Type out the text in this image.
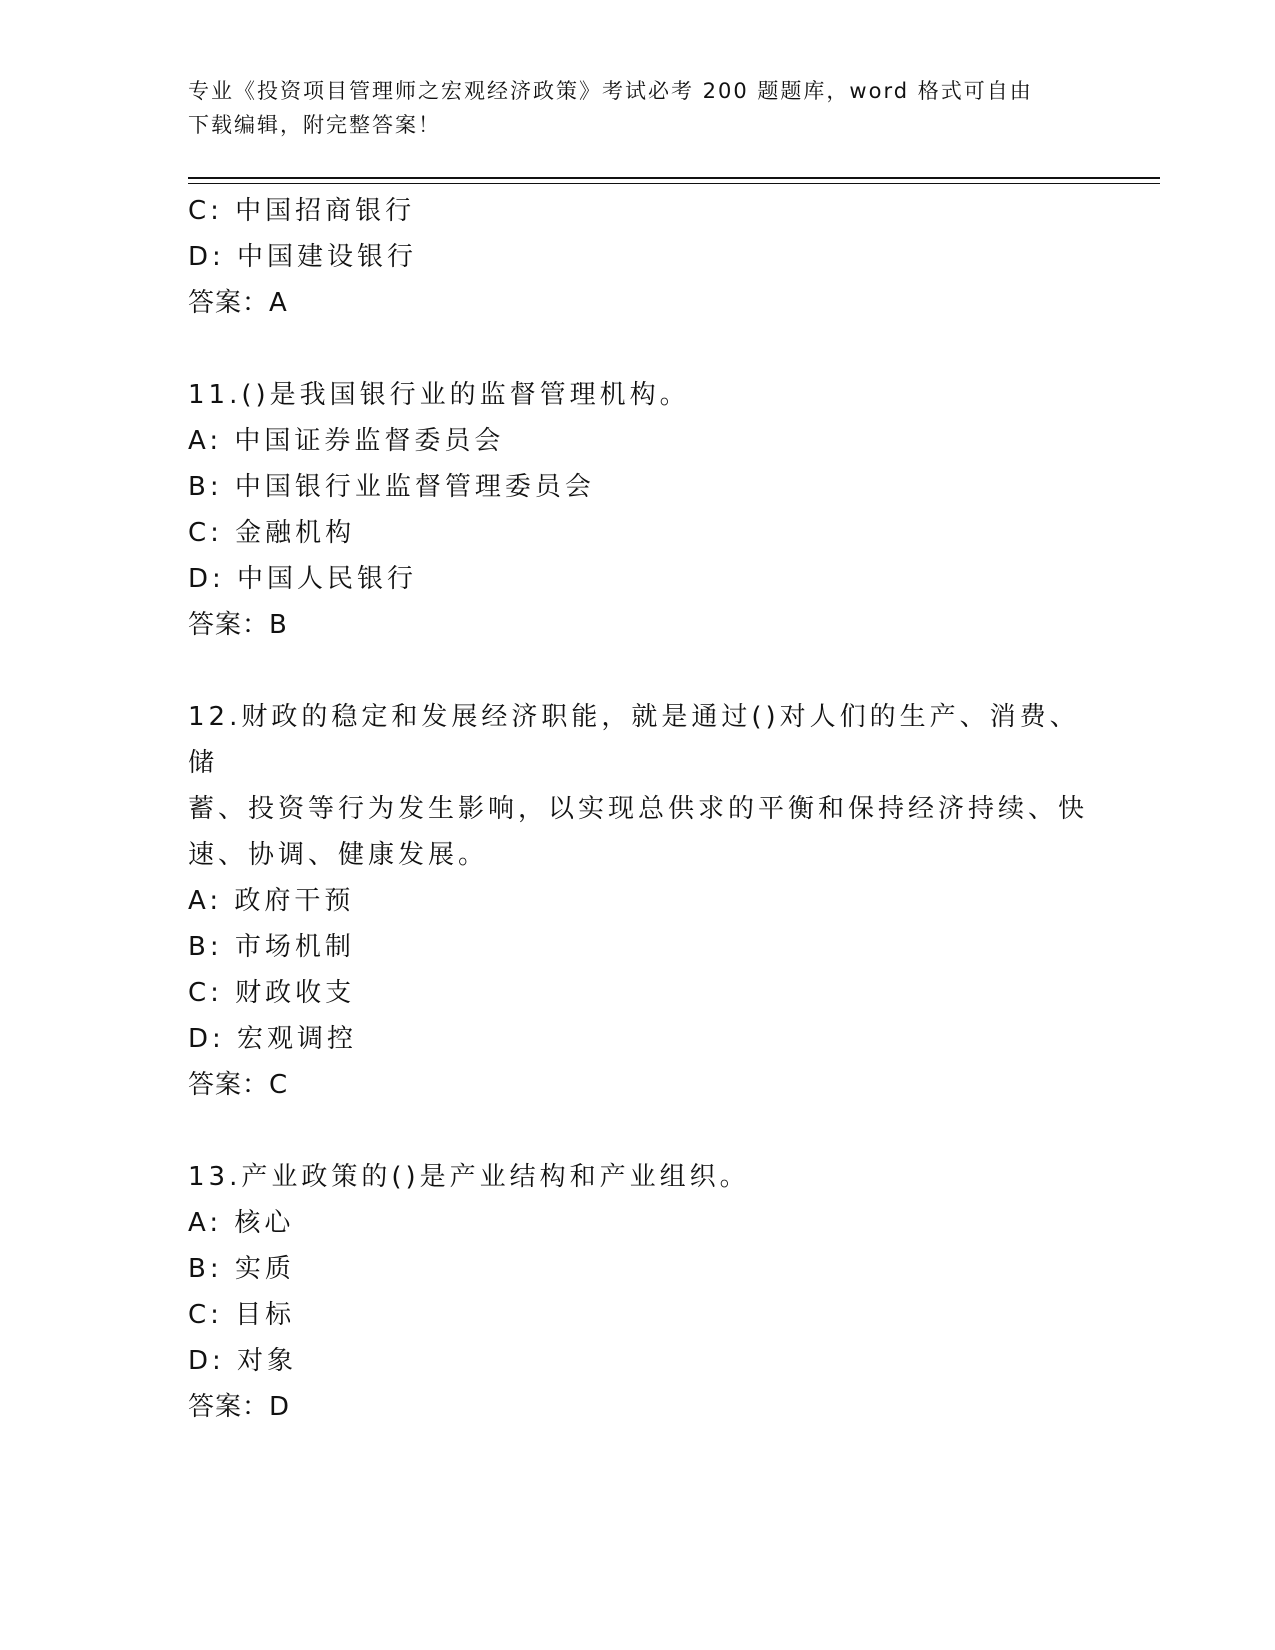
专业《投资项目管理师之宏观经济政策》考试必考 200 题题库，word 格式可自由
下载编辑，附完整答案！
C: 中国招商银行
D: 中国建设银行
答案：A
11.()是我国银行业的监督管理机构。
A: 中国证券监督委员会
B: 中国银行业监督管理委员会
C: 金融机构
D: 中国人民银行
答案：B
12.财政的稳定和发展经济职能，就是通过()对人们的生产、消费、储
蓄、投资等行为发生影响，以实现总供求的平衡和保持经济持续、快
速、协调、健康发展。
A: 政府干预
B: 市场机制
C: 财政收支
D: 宏观调控
答案：C
13.产业政策的()是产业结构和产业组织。
A: 核心
B: 实质
C: 目标
D: 对象
答案：D
